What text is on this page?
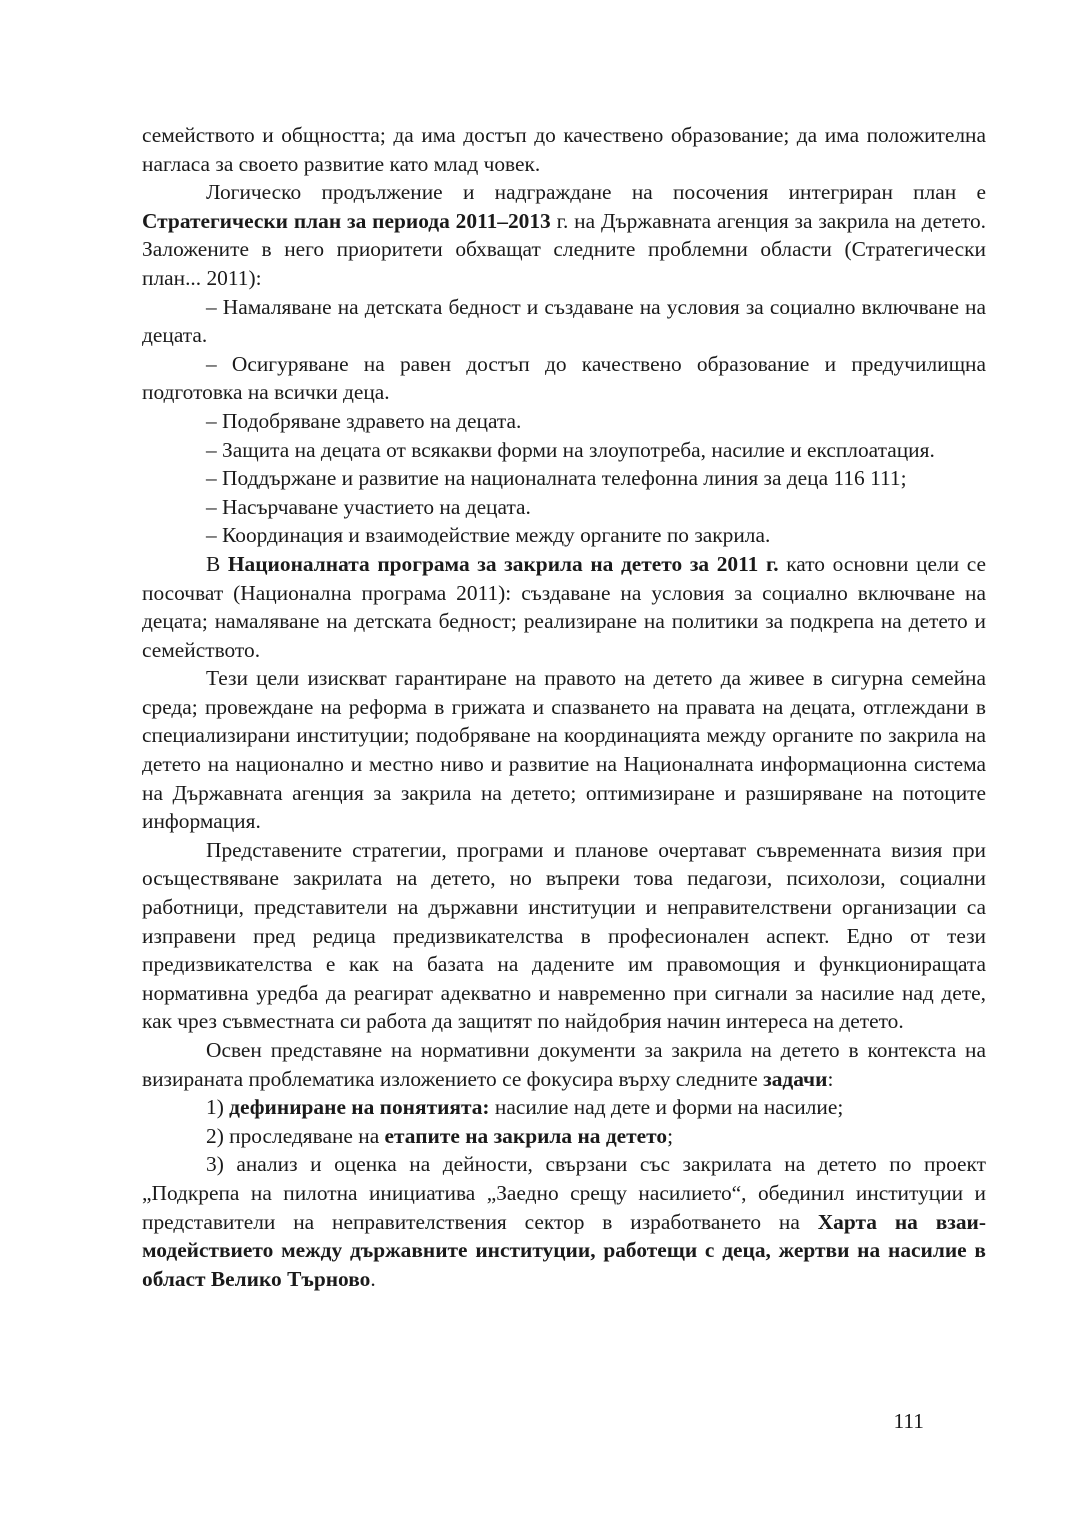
семейството и общността; да има достъп до качествено образование; да има положителна нагласа за своето развитие като млад човек.

Логическо продължение и надграждане на посочения интегриран план е Стратегически план за периода 2011–2013 г. на Държавната агенция за закрила на детето. Заложените в него приоритети обхващат следните проблемни области (Стратегически план... 2011):

– Намаляване на детската бедност и създаване на условия за социално включване на децата.

– Осигуряване на равен достъп до качествено образование и предучилищна подготовка на всички деца.

– Подобряване здравето на децата.

– Защита на децата от всякакви форми на злоупотреба, насилие и експлоатация.

– Поддържане и развитие на националната телефонна линия за деца 116 111;

– Насърчаване участието на децата.

– Координация и взаимодействие между органите по закрила.

В Националната програма за закрила на детето за 2011 г. като основни цели се посочват (Национална програма 2011): създаване на условия за социално включване на децата; намаляване на детската бедност; реализиране на политики за подкрепа на детето и семейството.

Тези цели изискват гарантиране на правото на детето да живее в сигурна семейна среда; провеждане на реформа в грижата и спазването на правата на децата, отглеждани в специализирани институции; подобряване на координацията между органите по закрила на детето на национално и местно ниво и развитие на Националната информационна система на Държавната агенция за закрила на детето; оптимизиране и разширяване на потоците информация.

Представените стратегии, програми и планове очертават съвременната визия при осъществяване закрилата на детето, но въпреки това педагози, психолози, социални работници, представители на държавни институции и неправителствени организации са изправени пред редица предизвикателства в професионален аспект. Едно от тези предизвикателства е как на базата на дадените им правомощия и функциониращата нормативна уредба да реагират адекватно и навременно при сигнали за насилие над дете, как чрез съвместната си работа да защитят по найдобрия начин интереса на детето.

Освен представяне на нормативни документи за закрила на детето в контекста на визираната проблематика изложението се фокусира върху следните задачи:

1) дефиниране на понятията: насилие над дете и форми на насилие;

2) проследяване на етапите на закрила на детето;

3) анализ и оценка на дейности, свързани със закрилата на детето по проект „Подкрепа на пилотна инициатива „Заедно срещу насилието“, обединил институции и представители на неправителствения сектор в изработването на Харта на взаимодействието между държавните институции, работещи с деца, жертви на насилие в област Велико Търново.

111
